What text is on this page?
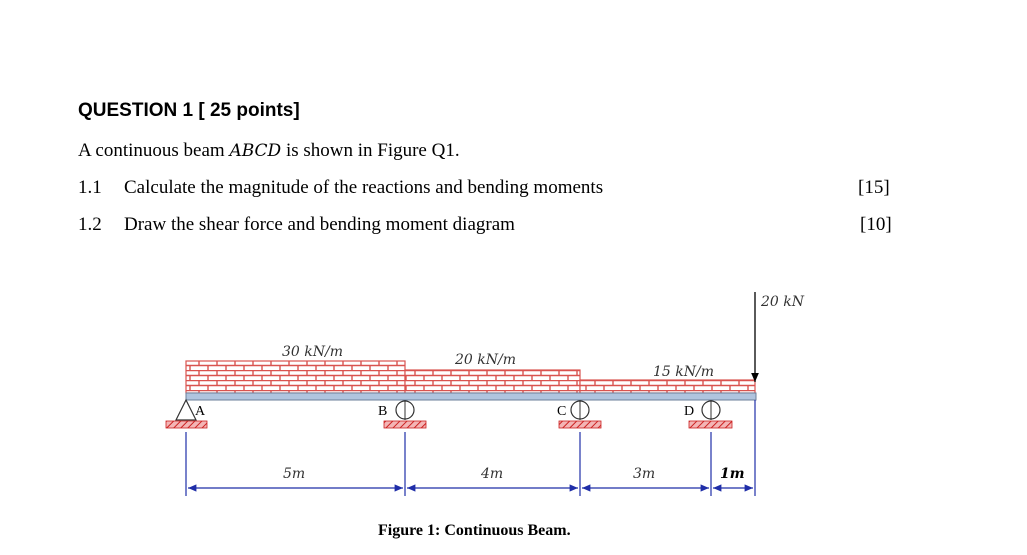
QUESTION 1 [ 25 points]
A continuous beam ABCD is shown in Figure Q1.
1.1 Calculate the magnitude of the reactions and bending moments	[15]
1.2 Draw the shear force and bending moment diagram	[10]
30 kN/m	20 kN/m
15 kN/m
20 kN
A	B	C	D
5m	4m	3m	1m
Figure 1: Continuous Beam.
